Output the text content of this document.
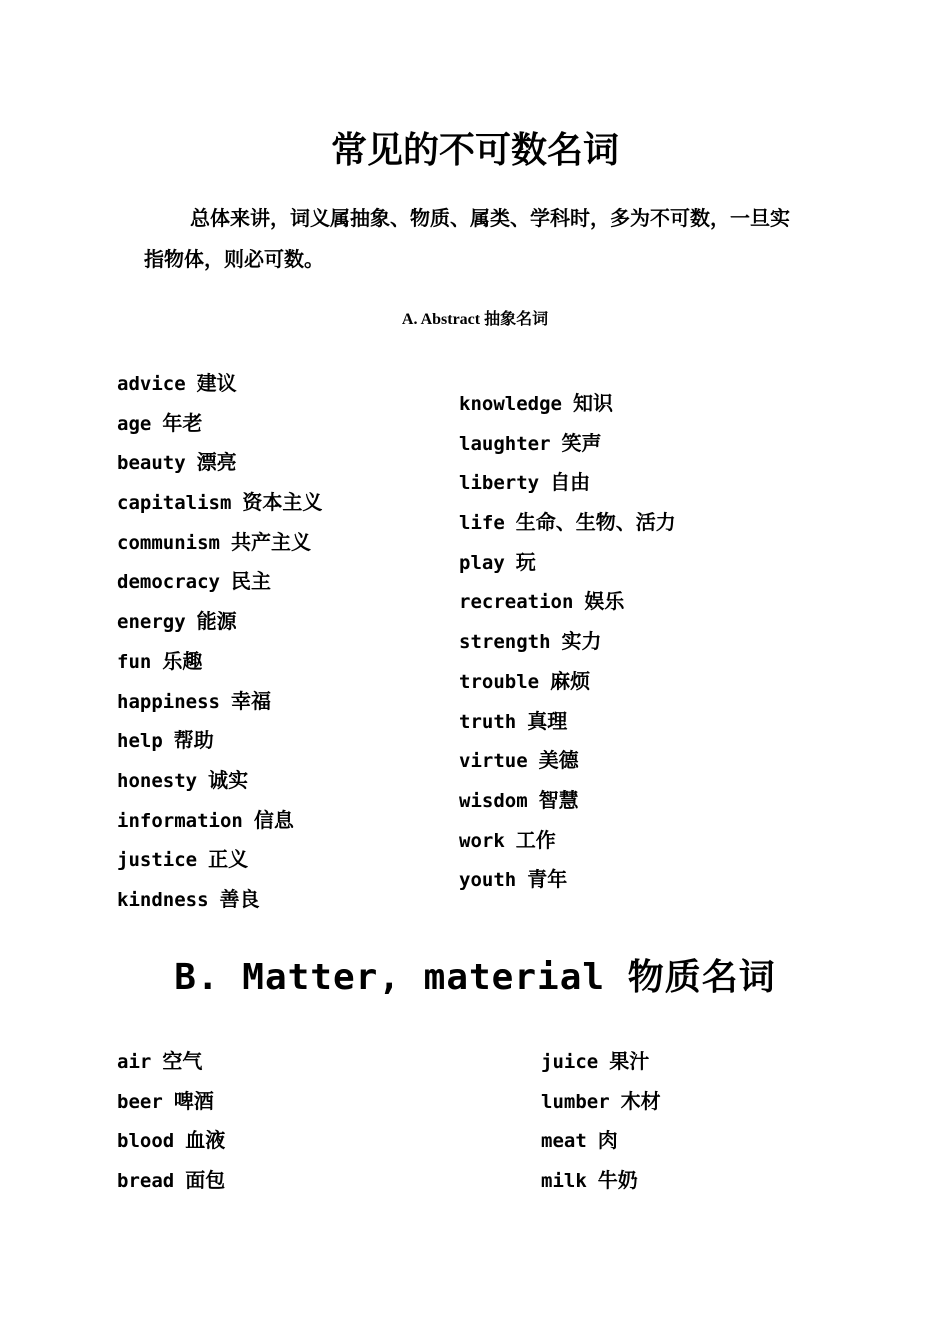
常见的不可数名词

总体来讲，词义属抽象、物质、属类、学科时，多为不可数，一旦实指物体，则必可数。

A. Abstract 抽象名词
advice 建议
age 年老
beauty 漂亮
capitalism 资本主义
communism 共产主义
democracy 民主
energy 能源
fun 乐趣
happiness 幸福
help 帮助
honesty 诚实
information 信息
justice 正义
kindness 善良
knowledge 知识
laughter 笑声
liberty 自由
life 生命、生物、活力
play 玩
recreation 娱乐
strength 实力
trouble 麻烦
truth 真理
virtue 美德
wisdom 智慧
work 工作
youth 青年
B. Matter, material 物质名词
air 空气
beer 啤酒
blood 血液
bread 面包
juice 果汁
lumber 木材
meat 肉
milk 牛奶
